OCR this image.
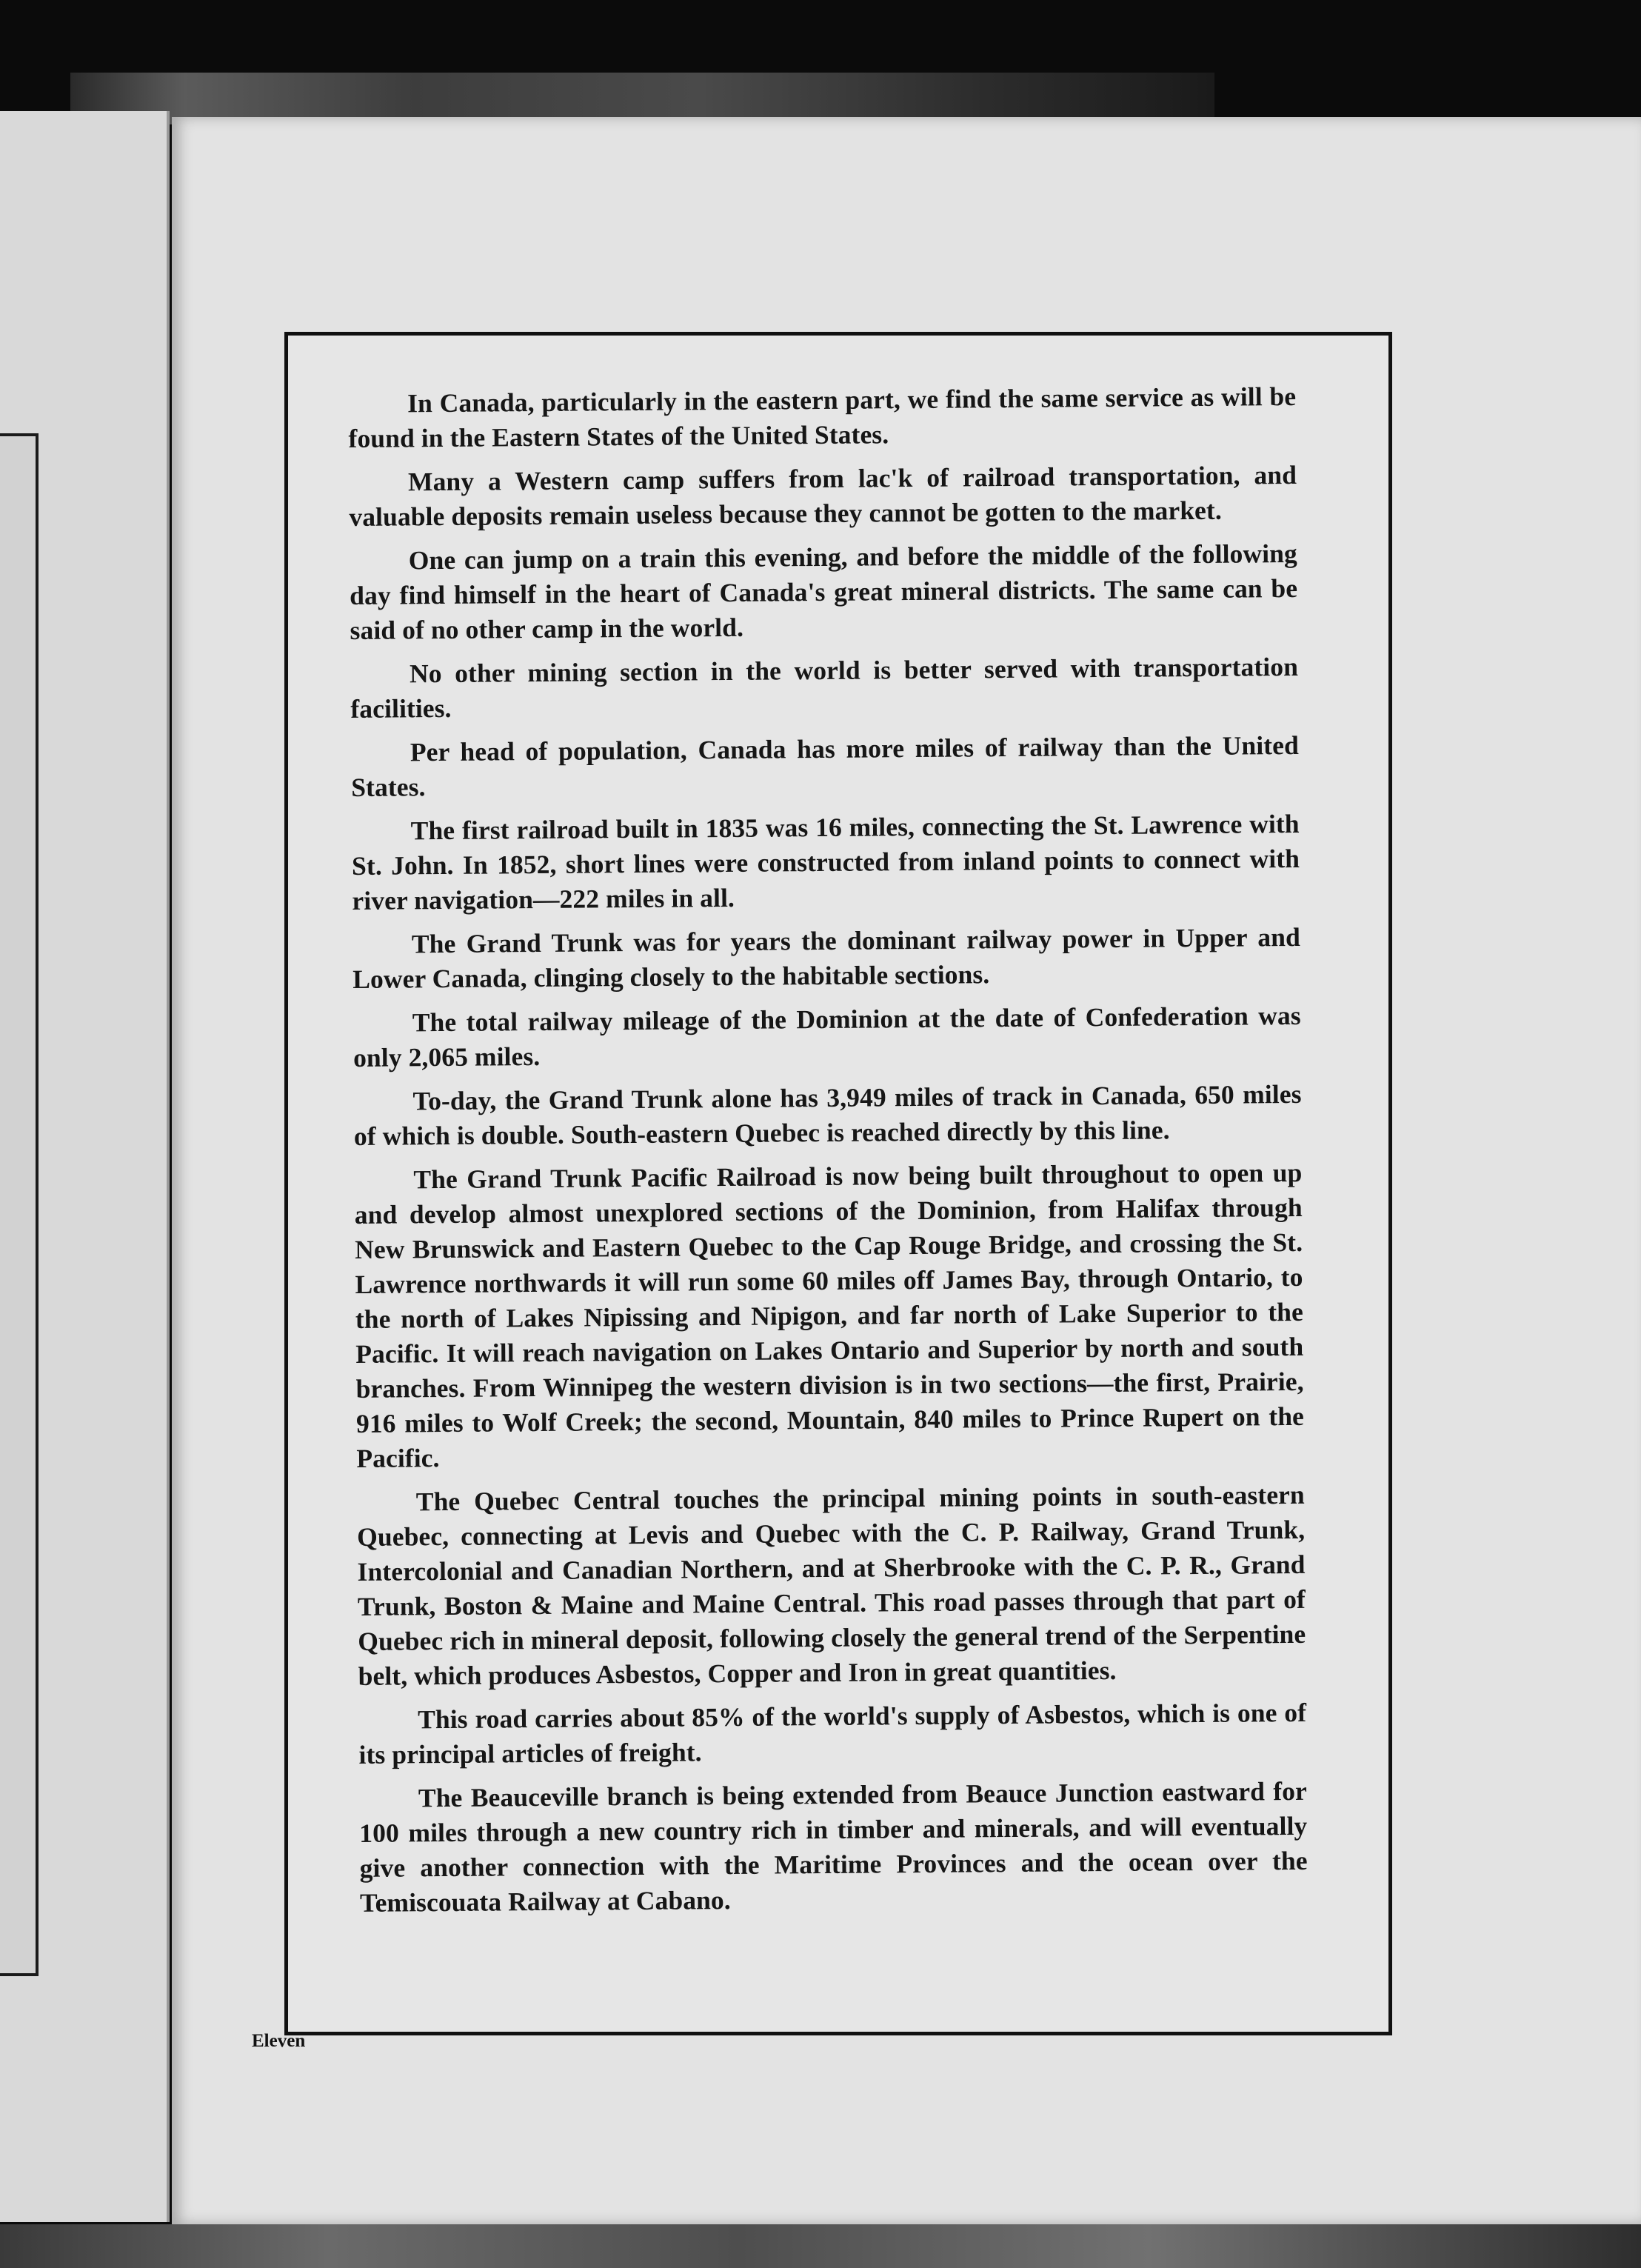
In Canada, particularly in the eastern part, we find the same service as will be found in the Eastern States of the United States.

Many a Western camp suffers from lac'k of railroad transportation, and valuable deposits remain useless because they cannot be gotten to the market.

One can jump on a train this evening, and before the middle of the following day find himself in the heart of Canada's great mineral districts. The same can be said of no other camp in the world.

No other mining section in the world is better served with transportation facilities.

Per head of population, Canada has more miles of railway than the United States.

The first railroad built in 1835 was 16 miles, connecting the St. Lawrence with St. John. In 1852, short lines were constructed from inland points to connect with river navigation—222 miles in all.

The Grand Trunk was for years the dominant railway power in Upper and Lower Canada, clinging closely to the habitable sections.

The total railway mileage of the Dominion at the date of Confederation was only 2,065 miles.

To-day, the Grand Trunk alone has 3,949 miles of track in Canada, 650 miles of which is double. South-eastern Quebec is reached directly by this line.

The Grand Trunk Pacific Railroad is now being built throughout to open up and develop almost unexplored sections of the Dominion, from Halifax through New Brunswick and Eastern Quebec to the Cap Rouge Bridge, and crossing the St. Lawrence northwards it will run some 60 miles off James Bay, through Ontario, to the north of Lakes Nipissing and Nipigon, and far north of Lake Superior to the Pacific. It will reach navigation on Lakes Ontario and Superior by north and south branches. From Winnipeg the western division is in two sections—the first, Prairie, 916 miles to Wolf Creek; the second, Mountain, 840 miles to Prince Rupert on the Pacific.

The Quebec Central touches the principal mining points in south-eastern Quebec, connecting at Levis and Quebec with the C. P. Railway, Grand Trunk, Intercolonial and Canadian Northern, and at Sherbrooke with the C. P. R., Grand Trunk, Boston & Maine and Maine Central. This road passes through that part of Quebec rich in mineral deposit, following closely the general trend of the Serpentine belt, which produces Asbestos, Copper and Iron in great quantities.

This road carries about 85% of the world's supply of Asbestos, which is one of its principal articles of freight.

The Beauceville branch is being extended from Beauce Junction eastward for 100 miles through a new country rich in timber and minerals, and will eventually give another connection with the Maritime Provinces and the ocean over the Temiscouata Railway at Cabano.

Eleven
